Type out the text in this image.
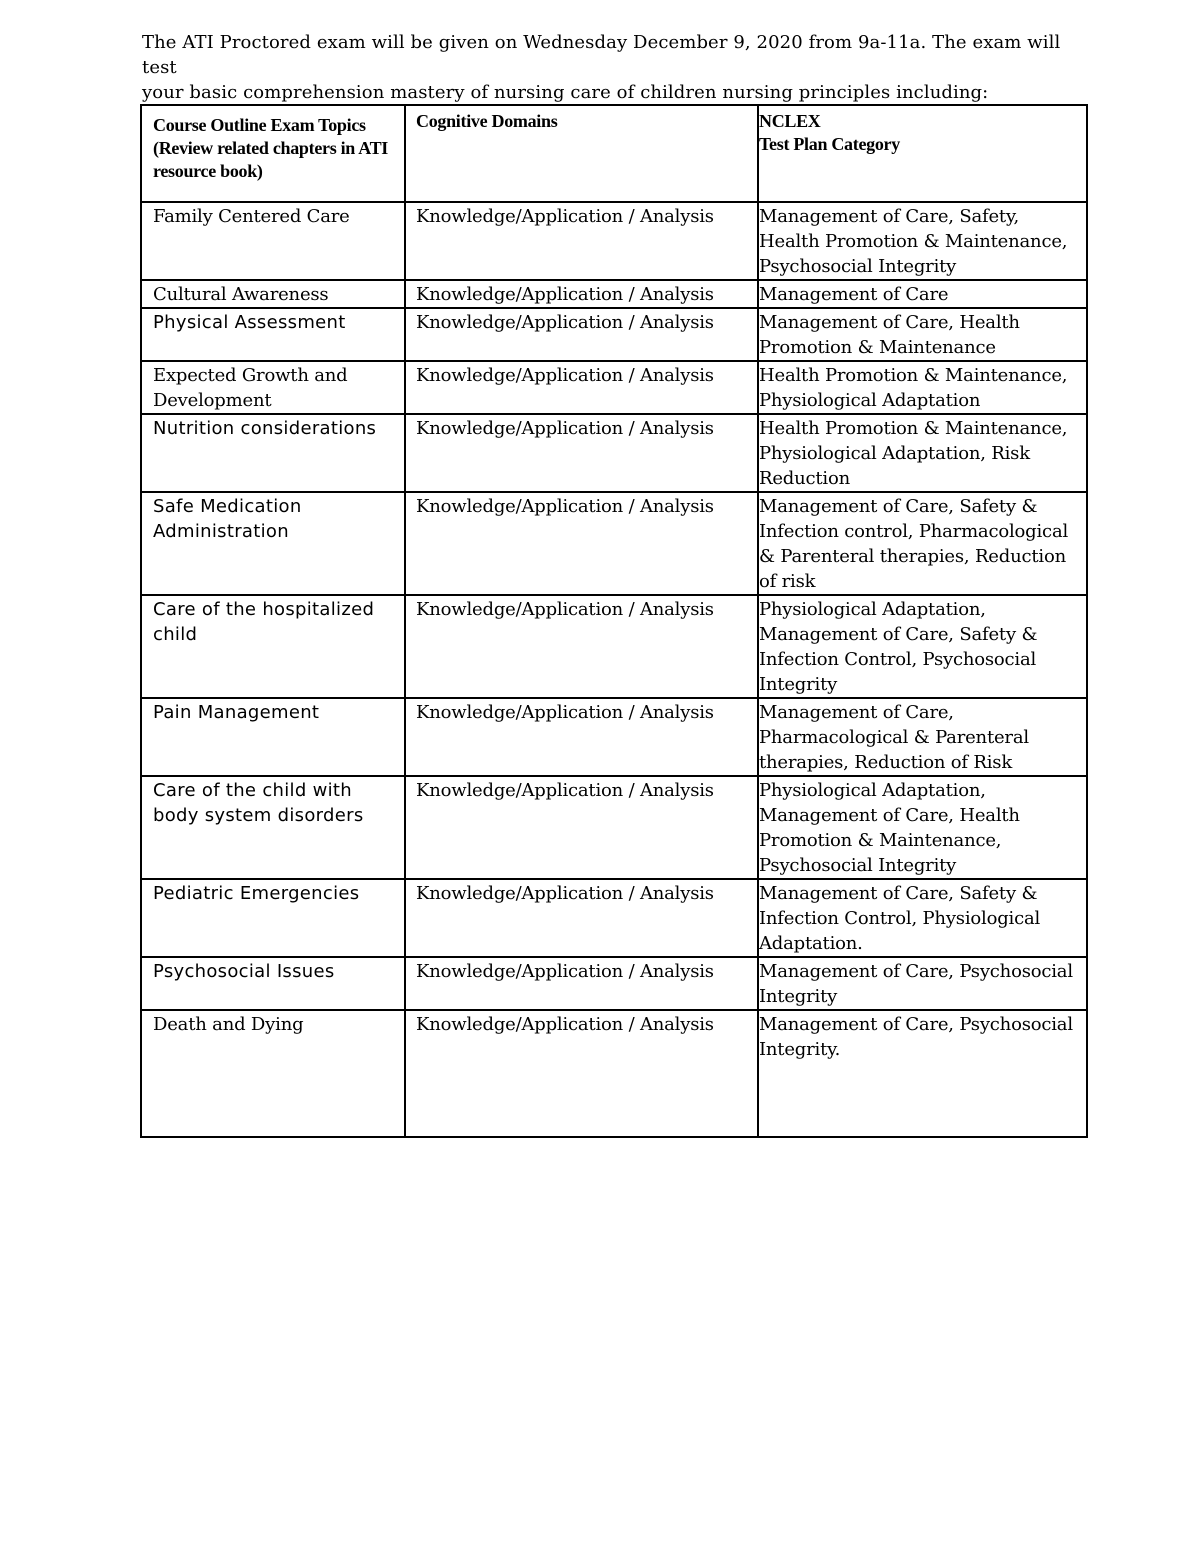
The ATI Proctored exam will be given on Wednesday December 9, 2020 from 9a-11a. The exam will test

your basic comprehension mastery of nursing care of children nursing principles including:

Course Outline Exam Topics (Review related chapters in ATI resource book)	Cognitive Domains	NCLEX
Test Plan Category

Family Centered Care	Knowledge/Application / Analysis	Management of Care, Safety, Health Promotion & Maintenance, Psychosocial Integrity
Cultural Awareness	Knowledge/Application / Analysis	Management of Care
Physical Assessment	Knowledge/Application / Analysis	Management of Care, Health Promotion & Maintenance
Expected Growth and Development	Knowledge/Application / Analysis	Health Promotion & Maintenance, Physiological Adaptation
Nutrition considerations	Knowledge/Application / Analysis	Health Promotion & Maintenance, Physiological Adaptation, Risk Reduction
Safe Medication Administration	Knowledge/Application / Analysis	Management of Care, Safety & Infection control, Pharmacological & Parenteral therapies, Reduction of risk
Care of the hospitalized child	Knowledge/Application / Analysis	Physiological Adaptation, Management of Care, Safety & Infection Control, Psychosocial Integrity
Pain Management	Knowledge/Application / Analysis	Management of Care, Pharmacological & Parenteral therapies, Reduction of Risk
Care of the child with body system disorders	Knowledge/Application / Analysis	Physiological Adaptation, Management of Care, Health Promotion & Maintenance, Psychosocial Integrity
Pediatric Emergencies	Knowledge/Application / Analysis	Management of Care, Safety & Infection Control, Physiological Adaptation.
Psychosocial Issues	Knowledge/Application / Analysis	Management of Care, Psychosocial Integrity
Death and Dying	Knowledge/Application / Analysis	Management of Care, Psychosocial Integrity.
